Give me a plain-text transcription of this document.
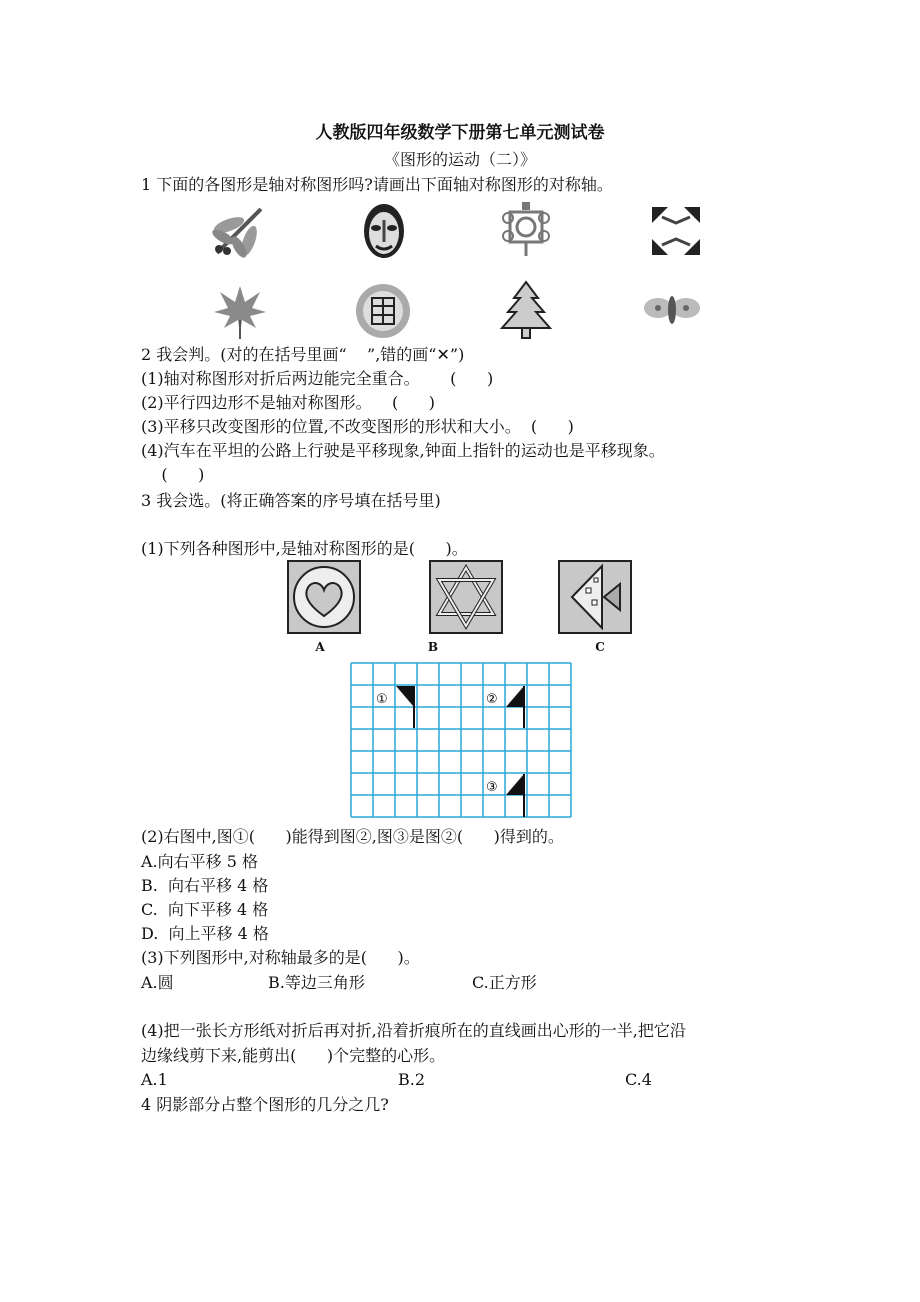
人教版四年级数学下册第七单元测试卷
《图形的运动（二）》
1 下面的各图形是轴对称图形吗?请画出下面轴对称图形的对称轴。
2 我会判。(对的在括号里画“    ”,错的画“✕”)
(1)轴对称图形对折后两边能完全重合。      (      )
(2)平行四边形不是轴对称图形。    (      )
(3)平移只改变图形的位置,不改变图形的形状和大小。  (      )
(4)汽车在平坦的公路上行驶是平移现象,钟面上指针的运动也是平移现象。
(      )
3 我会选。(将正确答案的序号填在括号里)
(1)下列各种图形中,是轴对称图形的是(      )。
A	B	C
①	②
③
(2)右图中,图①(      )能得到图②,图③是图②(      )得到的。
A.向右平移 5 格
B.  向右平移 4 格
C.  向下平移 4 格
D.  向上平移 4 格
(3)下列图形中,对称轴最多的是(      )。
A.圆	B.等边三角形	C.正方形
(4)把一张长方形纸对折后再对折,沿着折痕所在的直线画出心形的一半,把它沿
边缘线剪下来,能剪出(      )个完整的心形。
A.1	B.2	C.4
4 阴影部分占整个图形的几分之几?
